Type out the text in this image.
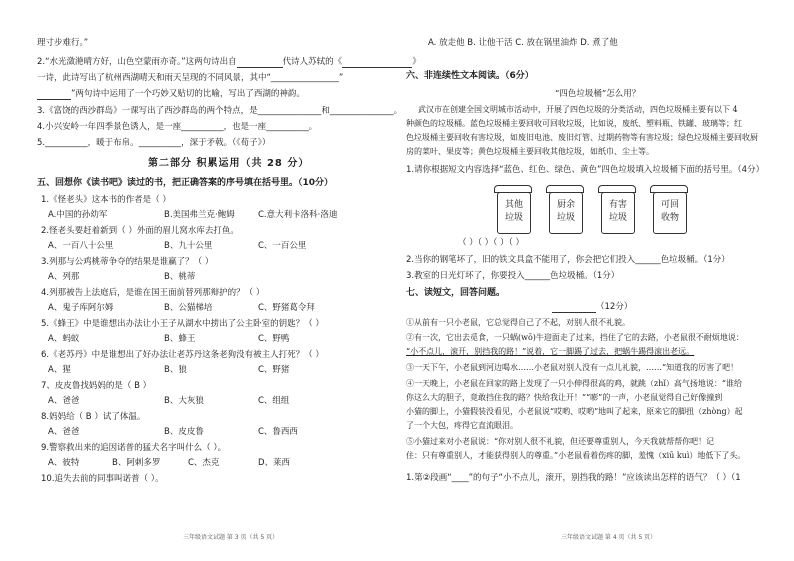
理寸步难行。”
2.“水光潋滟晴方好，山色空蒙雨亦奇。”这两句诗出自	代诗人苏轼的《	》
一诗，此诗写出了杭州西湖晴天和雨天呈现的不同风景，其中“________________”
”两句诗中运用了一个巧妙又贴切的比喻，写出了西湖的神韵。
3.《富饶的西沙群岛》一课写出了西沙群岛的两个特点，是_______________和_______________。
4.小兴安岭一年四季景色诱人，是一座__________，也是一座__________。
5.__________，暖于布帛。__________，深于矛戟。（《荀子》）
第二部分 积累运用（共 28 分）
五、回想你《读书吧》读过的书，把正确答案的序号填在括号里。（10分）
1.《怪老头》这本书的作者是（ ）
A.中国的孙幼军	B.美国弗兰克·鲍姆	C.意大利卡洛科·洛迪
2.怪老头要赶着新到（ ）外面的眉儿窝水库去打鱼。
A、一百八十公里	B、九十公里	C、一百公里
3.列那与公鸡桃蒂争夺的结果是谁赢了？（ ）
A、列那	B、桃蒂
4.列那被告上法庭后，是谁在国王面前替列那辩护的？（ ）
A、鬼子库阿尔姆	B、公猫梯培	C、野猪葛令拜
5.《蜂王》中是谁想出办法让小王子从湖水中捞出了公主卧室的钥匙？（ ）
A、蚂蚁	B、蜂王	C、野鸭
6.《老苏丹》中是谁想出了好办法让老苏丹这条老狗没有被主人打死？（ ）
A、猩	B、狼	C、野猪
7、皮皮鲁找妈妈的是（ B ）
A、爸爸	B、大灰狼	C、组组
8.妈妈给（ B ）试了体温。
A、爸爸	B、皮皮鲁	C、鲁西西
9.警察救出来的追因诺普的猛犬名字叫什么（ ）。
A、彼特	B、阿剌多罗	C、杰克	D、莱西
10.追失去前的同事叫诺普（ ）。
三年级语文试题 第 3 页（共 5 页）
A. 放走他 B. 让他干活 C. 放在锅里油炸 D. 煮了他
六、非连续性文本阅读。（6分）
“四色垃圾桶”怎么用？
武汉市在创建全国文明城市活动中，开展了四色垃圾的分类活动，四色垃圾桶主要有以下 4
种颜色的垃圾桶。蓝色垃圾桶主要回收可回收垃圾，比如说，废纸、塑料瓶、铁罐、玻璃等；红
色垃圾桶主要回收有害垃圾，如废旧电池、废旧灯管、过期药物等有害垃圾；绿色垃圾桶主要回收厨
房的菜叶、果皮等；黄色垃圾桶主要回收其他垃圾，如纸巾、尘土等。
1.请你根据短文内容选择“蓝色、红色、绿色、黄色”四色垃圾填入垃圾桶下面的括号里。（4分）
其他
垃圾
厨余
垃圾
有害
垃圾
可回
收物
（ ）（ ）（ ）（ ）
2.当你的钢笔坏了，旧的铁文具盒不能用了，你会把它们投入______色垃圾桶。（1分）
3.教室的日光灯坏了，你要投入______色垃圾桶。（1分）
七、读短文，回答问题。
（12分）
①从前有一只小老鼠，它总觉得自己了不起，对别人很不礼貌。
②有一次，它出去觅食，一只蜗(wō)牛迎面走了过来，挡住了它的去路，小老鼠很不耐烦地说：
“小不点儿，滚开，别挡我的路！”说着，它一脚踢了过去，把蜗牛踢得滚出老远。
③一天下午，小老鼠到河边喝水……小老鼠对别人没有一点儿礼貌，……“知道我的厉害了吧！
④一天晚上，小老鼠在回家的路上发现了一只小伸得很高的鸡，就跳（zhǐ）高气扬地说：“谁给
你这么大的胆子，竟敢挡住我的路？快给我让开！”“嘭”的一声，小老鼠觉得自己好像撞到
小猫的脚上，小猫假装没看见，小老鼠说“哎哟、哎哟”地叫了起来，原来它的脚扭（zhòng）起
了一个大包，疼得它直流眼泪。
⑤小猫过来对小老鼠说：“你对别人很不礼貌，但还要尊重别人，今天我就帮帮你吧！记
住：只有尊重别人，才能获得别人的尊重。”小老鼠看着伤疼的脚，羞愧（xiū kuì）地低下了头。
1.第②段画“____”的句子“小不点儿，滚开，别挡我的路！”应该读出怎样的语气？（ ）（1
三年级语文试题 第 4 页（共 5 页）
